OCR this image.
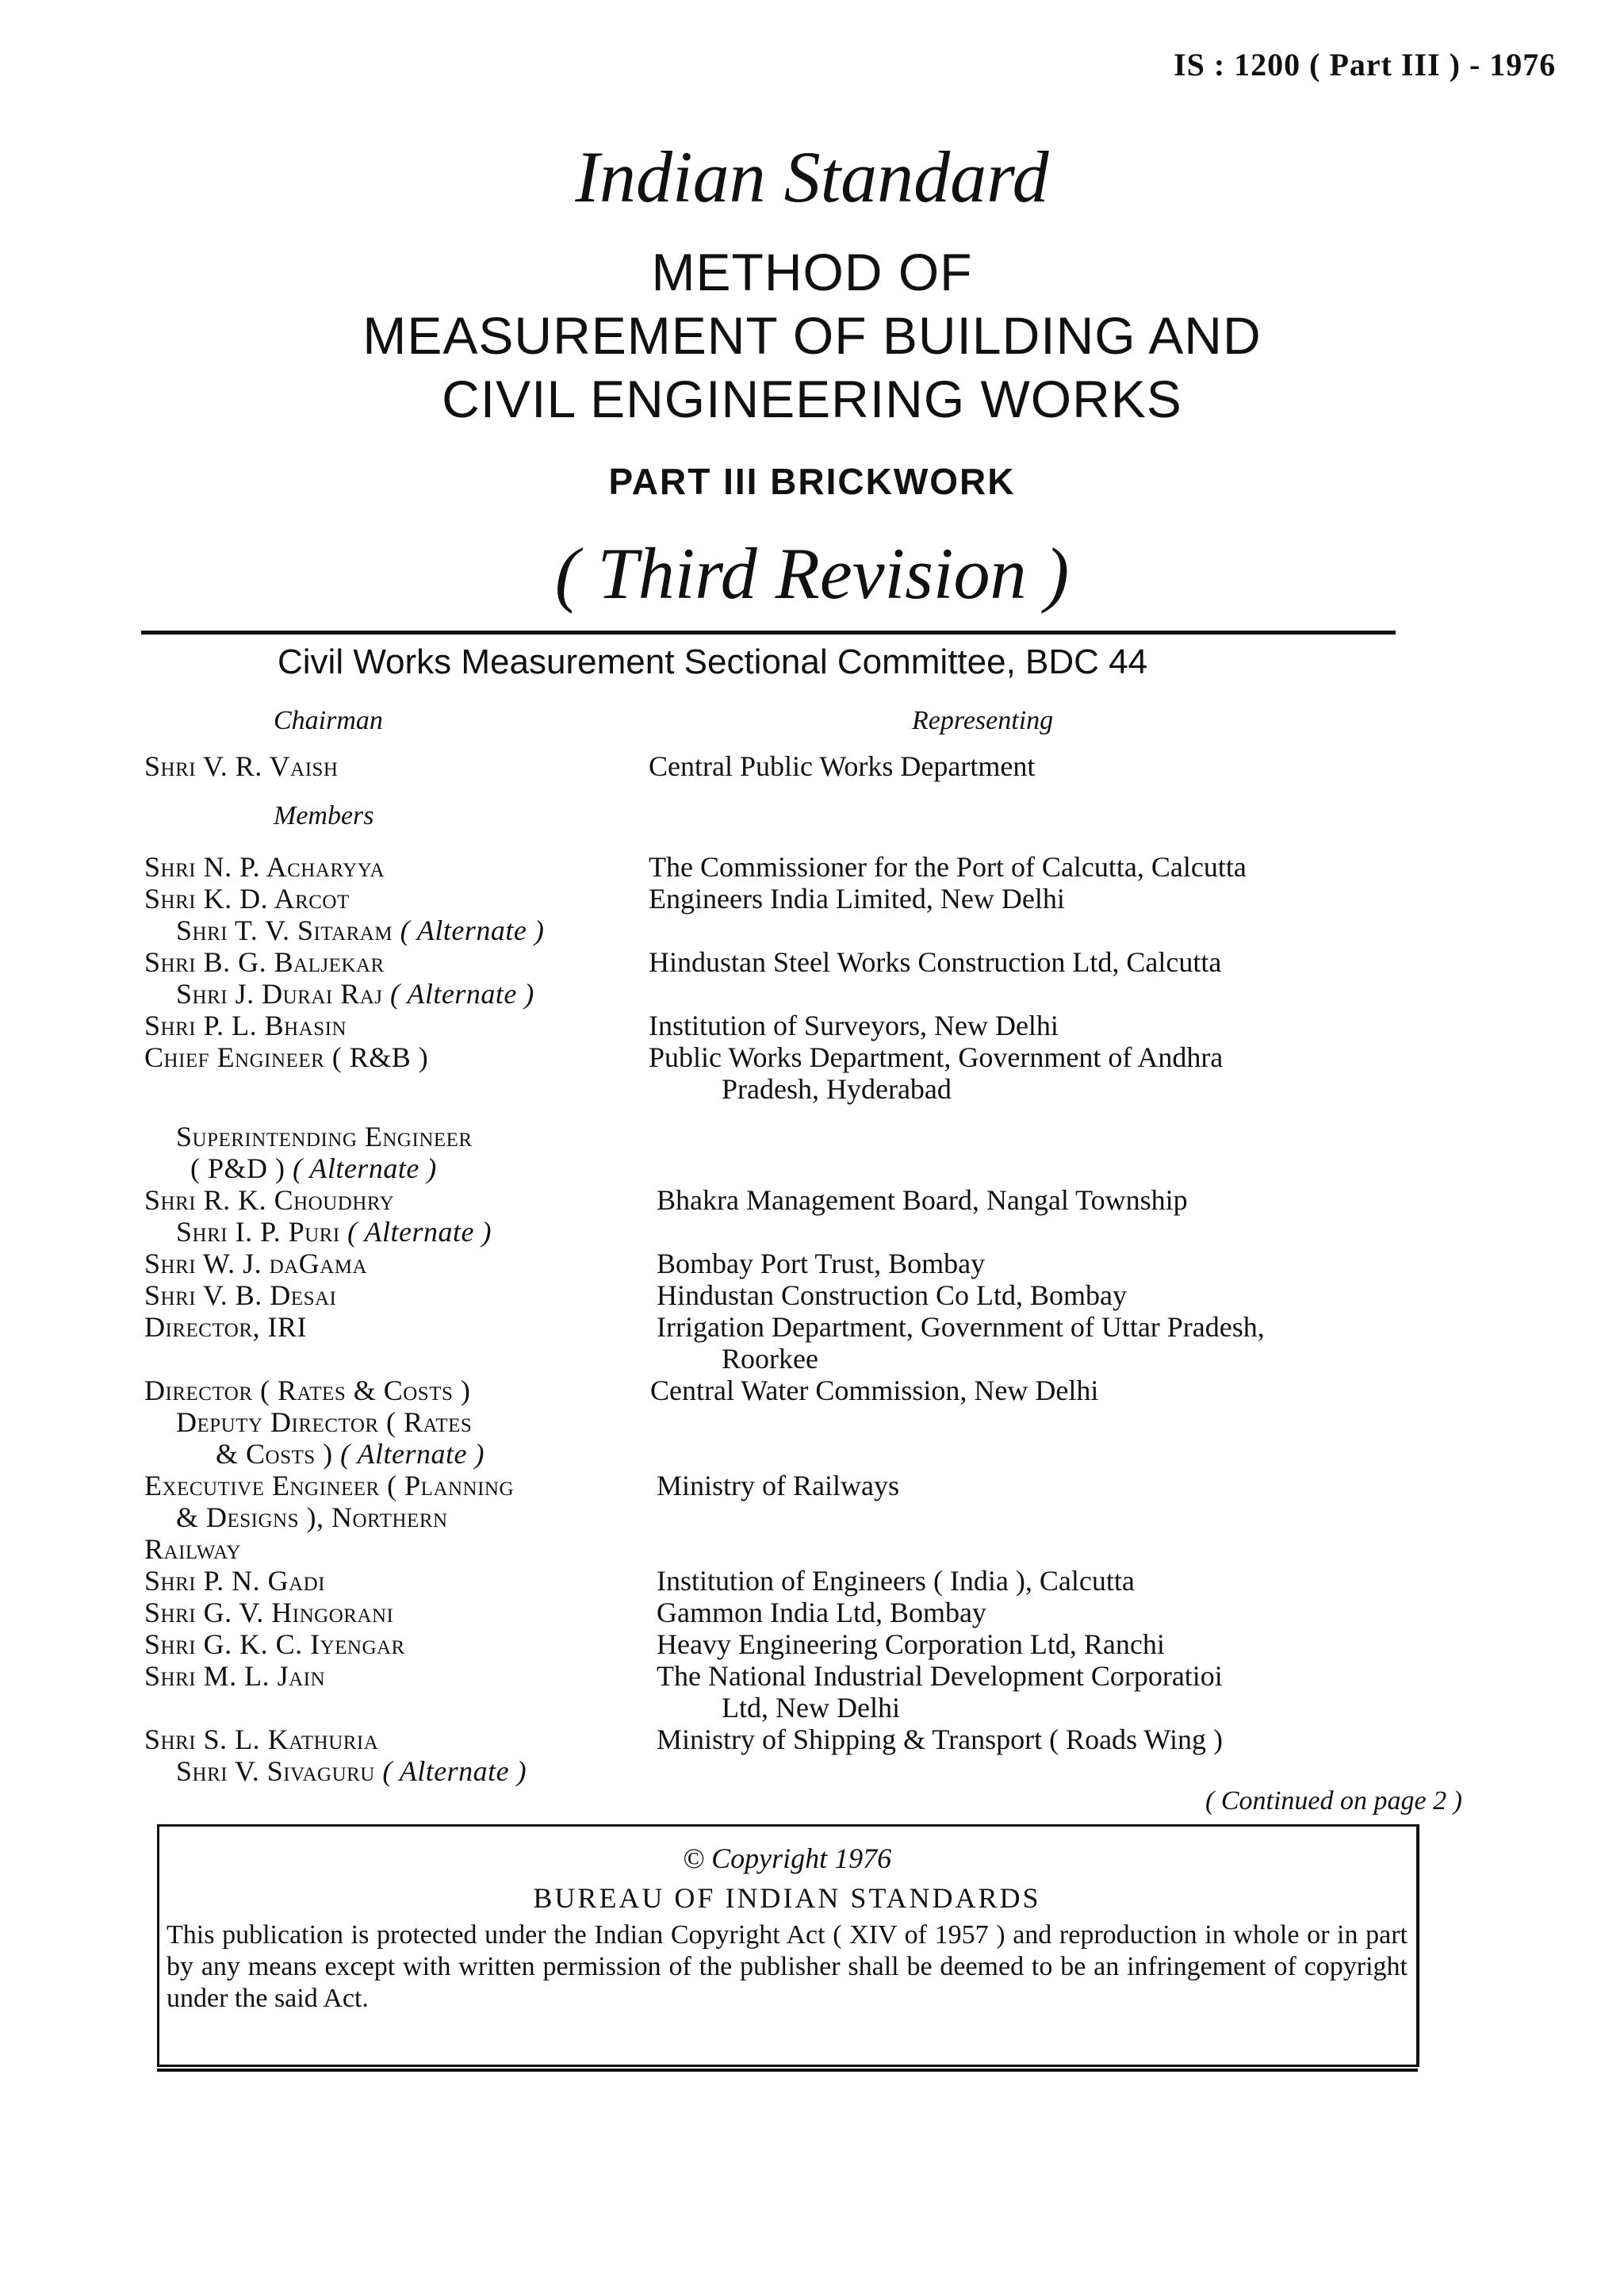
IS : 1200 ( Part III ) - 1976
Indian Standard
METHOD OF
MEASUREMENT OF BUILDING AND
CIVIL ENGINEERING WORKS
PART III BRICKWORK
( Third Revision )
Civil Works Measurement Sectional Committee, BDC 44
Chairman	Representing
Shri V. R. Vaish	Central Public Works Department
Members
Shri N. P. Acharyya	The Commissioner for the Port of Calcutta, Calcutta
Shri K. D. Arcot	Engineers India Limited, New Delhi
Shri T. V. Sitaram ( Alternate )
Shri B. G. Baljekar	Hindustan Steel Works Construction Ltd, Calcutta
Shri J. Durai Raj ( Alternate )
Shri P. L. Bhasin	Institution of Surveyors, New Delhi
Chief Engineer ( R&B )	Public Works Department, Government of Andhra
Pradesh, Hyderabad
Superintending Engineer
( P&D ) ( Alternate )
Shri R. K. Choudhry	Bhakra Management Board, Nangal Township
Shri I. P. Puri ( Alternate )
Shri W. J. daGama	Bombay Port Trust, Bombay
Shri V. B. Desai	Hindustan Construction Co Ltd, Bombay
Director, IRI	Irrigation Department, Government of Uttar Pradesh,
Roorkee
Director ( Rates & Costs )	Central Water Commission, New Delhi
Deputy Director ( Rates
& Costs ) ( Alternate )
Executive Engineer ( Planning	Ministry of Railways
& Designs ), Northern
Railway
Shri P. N. Gadi	Institution of Engineers ( India ), Calcutta
Shri G. V. Hingorani	Gammon India Ltd, Bombay
Shri G. K. C. Iyengar	Heavy Engineering Corporation Ltd, Ranchi
Shri M. L. Jain	The National Industrial Development Corporatioi
Ltd, New Delhi
Shri S. L. Kathuria	Ministry of Shipping & Transport ( Roads Wing )
Shri V. Sivaguru ( Alternate )
( Continued on page 2 )
© Copyright 1976
BUREAU OF INDIAN STANDARDS
This publication is protected under the Indian Copyright Act ( XIV of 1957 ) and reproduction in whole or in part by any means except with written permission of the publisher shall be deemed to be an infringement of copyright under the said Act.
